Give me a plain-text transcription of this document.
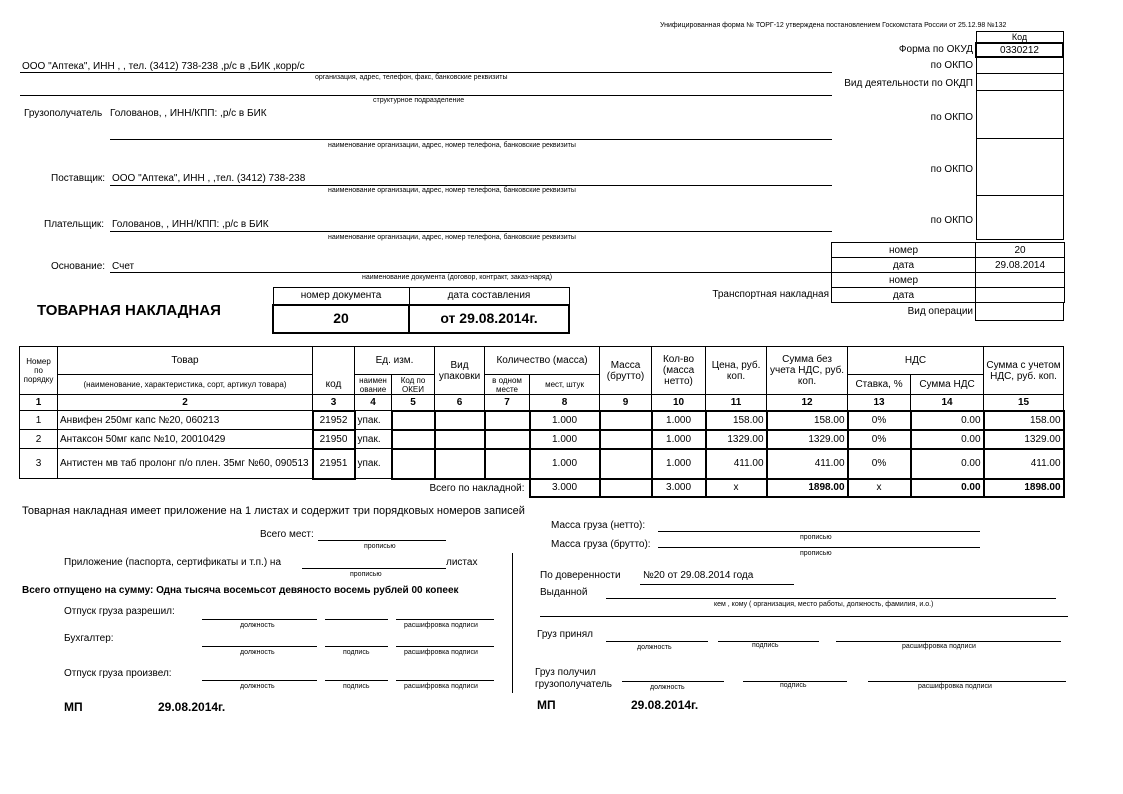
Унифицированная форма № ТОРГ-12 утверждена постановлением Госкомстата России от 25.12.98 №132
Код
0330212

Форма по ОКУД
по ОКПО
Вид деятельности по ОКДП
по ОКПО
по ОКПО
по ОКПО
ООО "Аптека", ИНН , , тел. (3412) 738-238 ,р/с в ,БИК ,корр/с
организация, адрес, телефон, факс, банковские реквизиты
структурное подразделение
Грузополучатель Голованов, , ИНН/КПП: ,р/с в БИК
наименование организации, адрес, номер телефона, банковские реквизиты
Поставщик: ООО "Аптека", ИНН , ,тел. (3412) 738-238
наименование организации, адрес, номер телефона, банковские реквизиты
Плательщик: Голованов, , ИНН/КПП: ,р/с в БИК
наименование организации, адрес, номер телефона, банковские реквизиты
Основание: Счет
наименование документа (договор, контракт, заказ-наряд)
номер	20
дата	29.08.2014
номер	
дата	
Транспортная накладная
Вид операции
ТОВАРНАЯ НАКЛАДНАЯ
номер документа	дата составления
20	от 29.08.2014г.
Номер по порядку	Товар		Ед. изм.		Вид упаковки	Количество (масса)		Масса (брутто)	Кол-во (масса нетто)	Цена, руб. коп.	Сумма без учета НДС, руб. коп.	НДС		Сумма с учетом НДС, руб. коп.
	(наименование, характеристика, сорт, артикул товара)	код	наимен ование	Код по ОКЕИ		в одном месте	мест, штук					Ставка, %	Сумма НДС	
1	2	3	4	5	6	7	8	9	10	11	12	13	14	15
1	Анвифен 250мг капс №20, 060213	21952	упак.				1.000		1.000	158.00	158.00	0%	0.00	158.00
2	Антаксон 50мг капс №10, 20010429	21950	упак.				1.000		1.000	1329.00	1329.00	0%	0.00	1329.00
3	Антистен мв таб пролонг п/о плен. 35мг №60, 090513	21951	упак.				1.000		1.000	411.00	411.00	0%	0.00	411.00
	Всего по накладной:						3.000		3.000	x	1898.00	x	0.00	1898.00
Товарная накладная имеет приложение на 1 листах и содержит три порядковых номеров записей
Всего мест:
прописью
Приложение (паспорта, сертификаты и т.п.) на	листах
прописью
Всего отпущено на сумму: Одна тысяча восемьсот девяносто восемь рублей 00 копеек
Отпуск груза разрешил:
должность	расшифровка подписи
Бухгалтер:
должность	подпись	расшифровка подписи
Отпуск груза произвел:
должность	подпись	расшифровка подписи
МП	29.08.2014г.
Масса груза (нетто):
прописью
Масса груза (брутто):
прописью
По доверенности №20 от 29.08.2014 года
Выданной
кем , кому ( организация, место работы, должность, фамилия, и.о.)
Груз принял
должность	подпись	расшифровка подписи
Груз получил
грузополучатель	должность	подпись	расшифровка подписи
МП	29.08.2014г.
